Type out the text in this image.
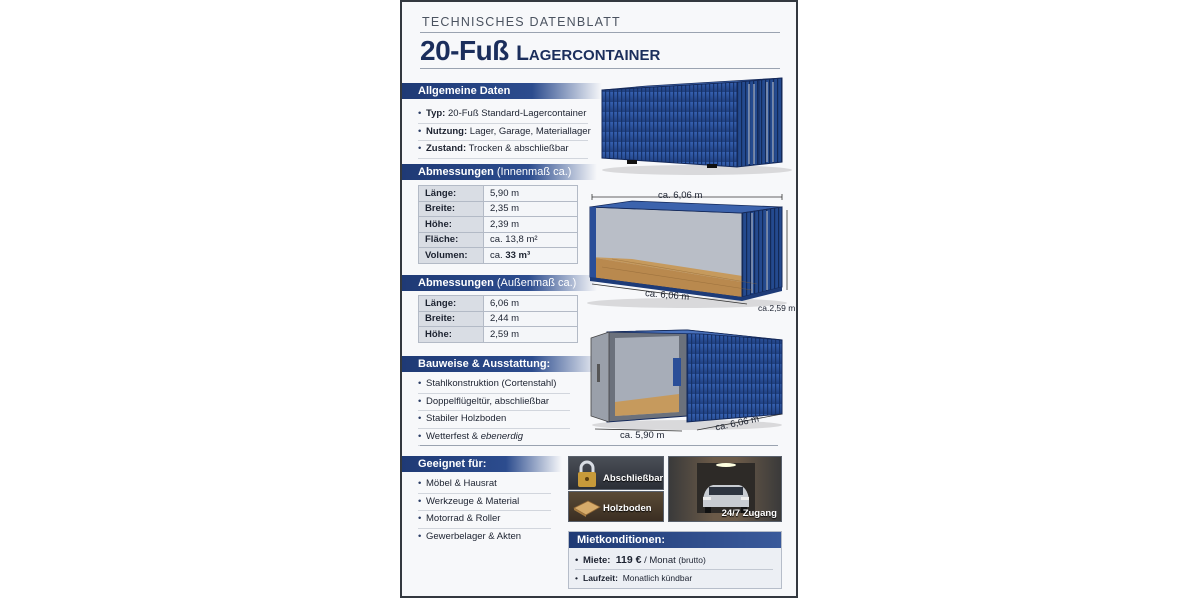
TECHNISCHES DATENBLATT
20-Fuß Lagercontainer
Allgemeine Daten
• Typ: 20-Fuß Standard-Lagercontainer
• Nutzung: Lager, Garage, Materiallager
• Zustand: Trocken & abschließbar
Abmessungen (Innenmaß ca.)
Länge:	5,90 m
Breite:	2,35 m
Höhe:	2,39 m
Fläche:	ca. 13,8 m²
Volumen:	ca. 33 m³
Abmessungen (Außenmaß ca.)
Länge:	6,06 m
Breite:	2,44 m
Höhe:	2,59 m
Bauweise & Ausstattung:
• Stahlkonstruktion (Cortenstahl)
• Doppelflügeltür, abschließbar
• Stabiler Holzboden
• Wetterfest & ebenerdig
Geeignet für:
• Möbel & Hausrat
• Werkzeuge & Material
• Motorrad & Roller
• Gewerbelager & Akten
ca. 6,06 m
ca. 6,06 m
ca.2,59 m
ca. 5,90 m
ca. 6,06 m
Abschließbar
Holzboden	24/7 Zugang
Mietkonditionen:
• Miete: 119 € / Monat (brutto)
• Laufzeit: Monatlich kündbar
